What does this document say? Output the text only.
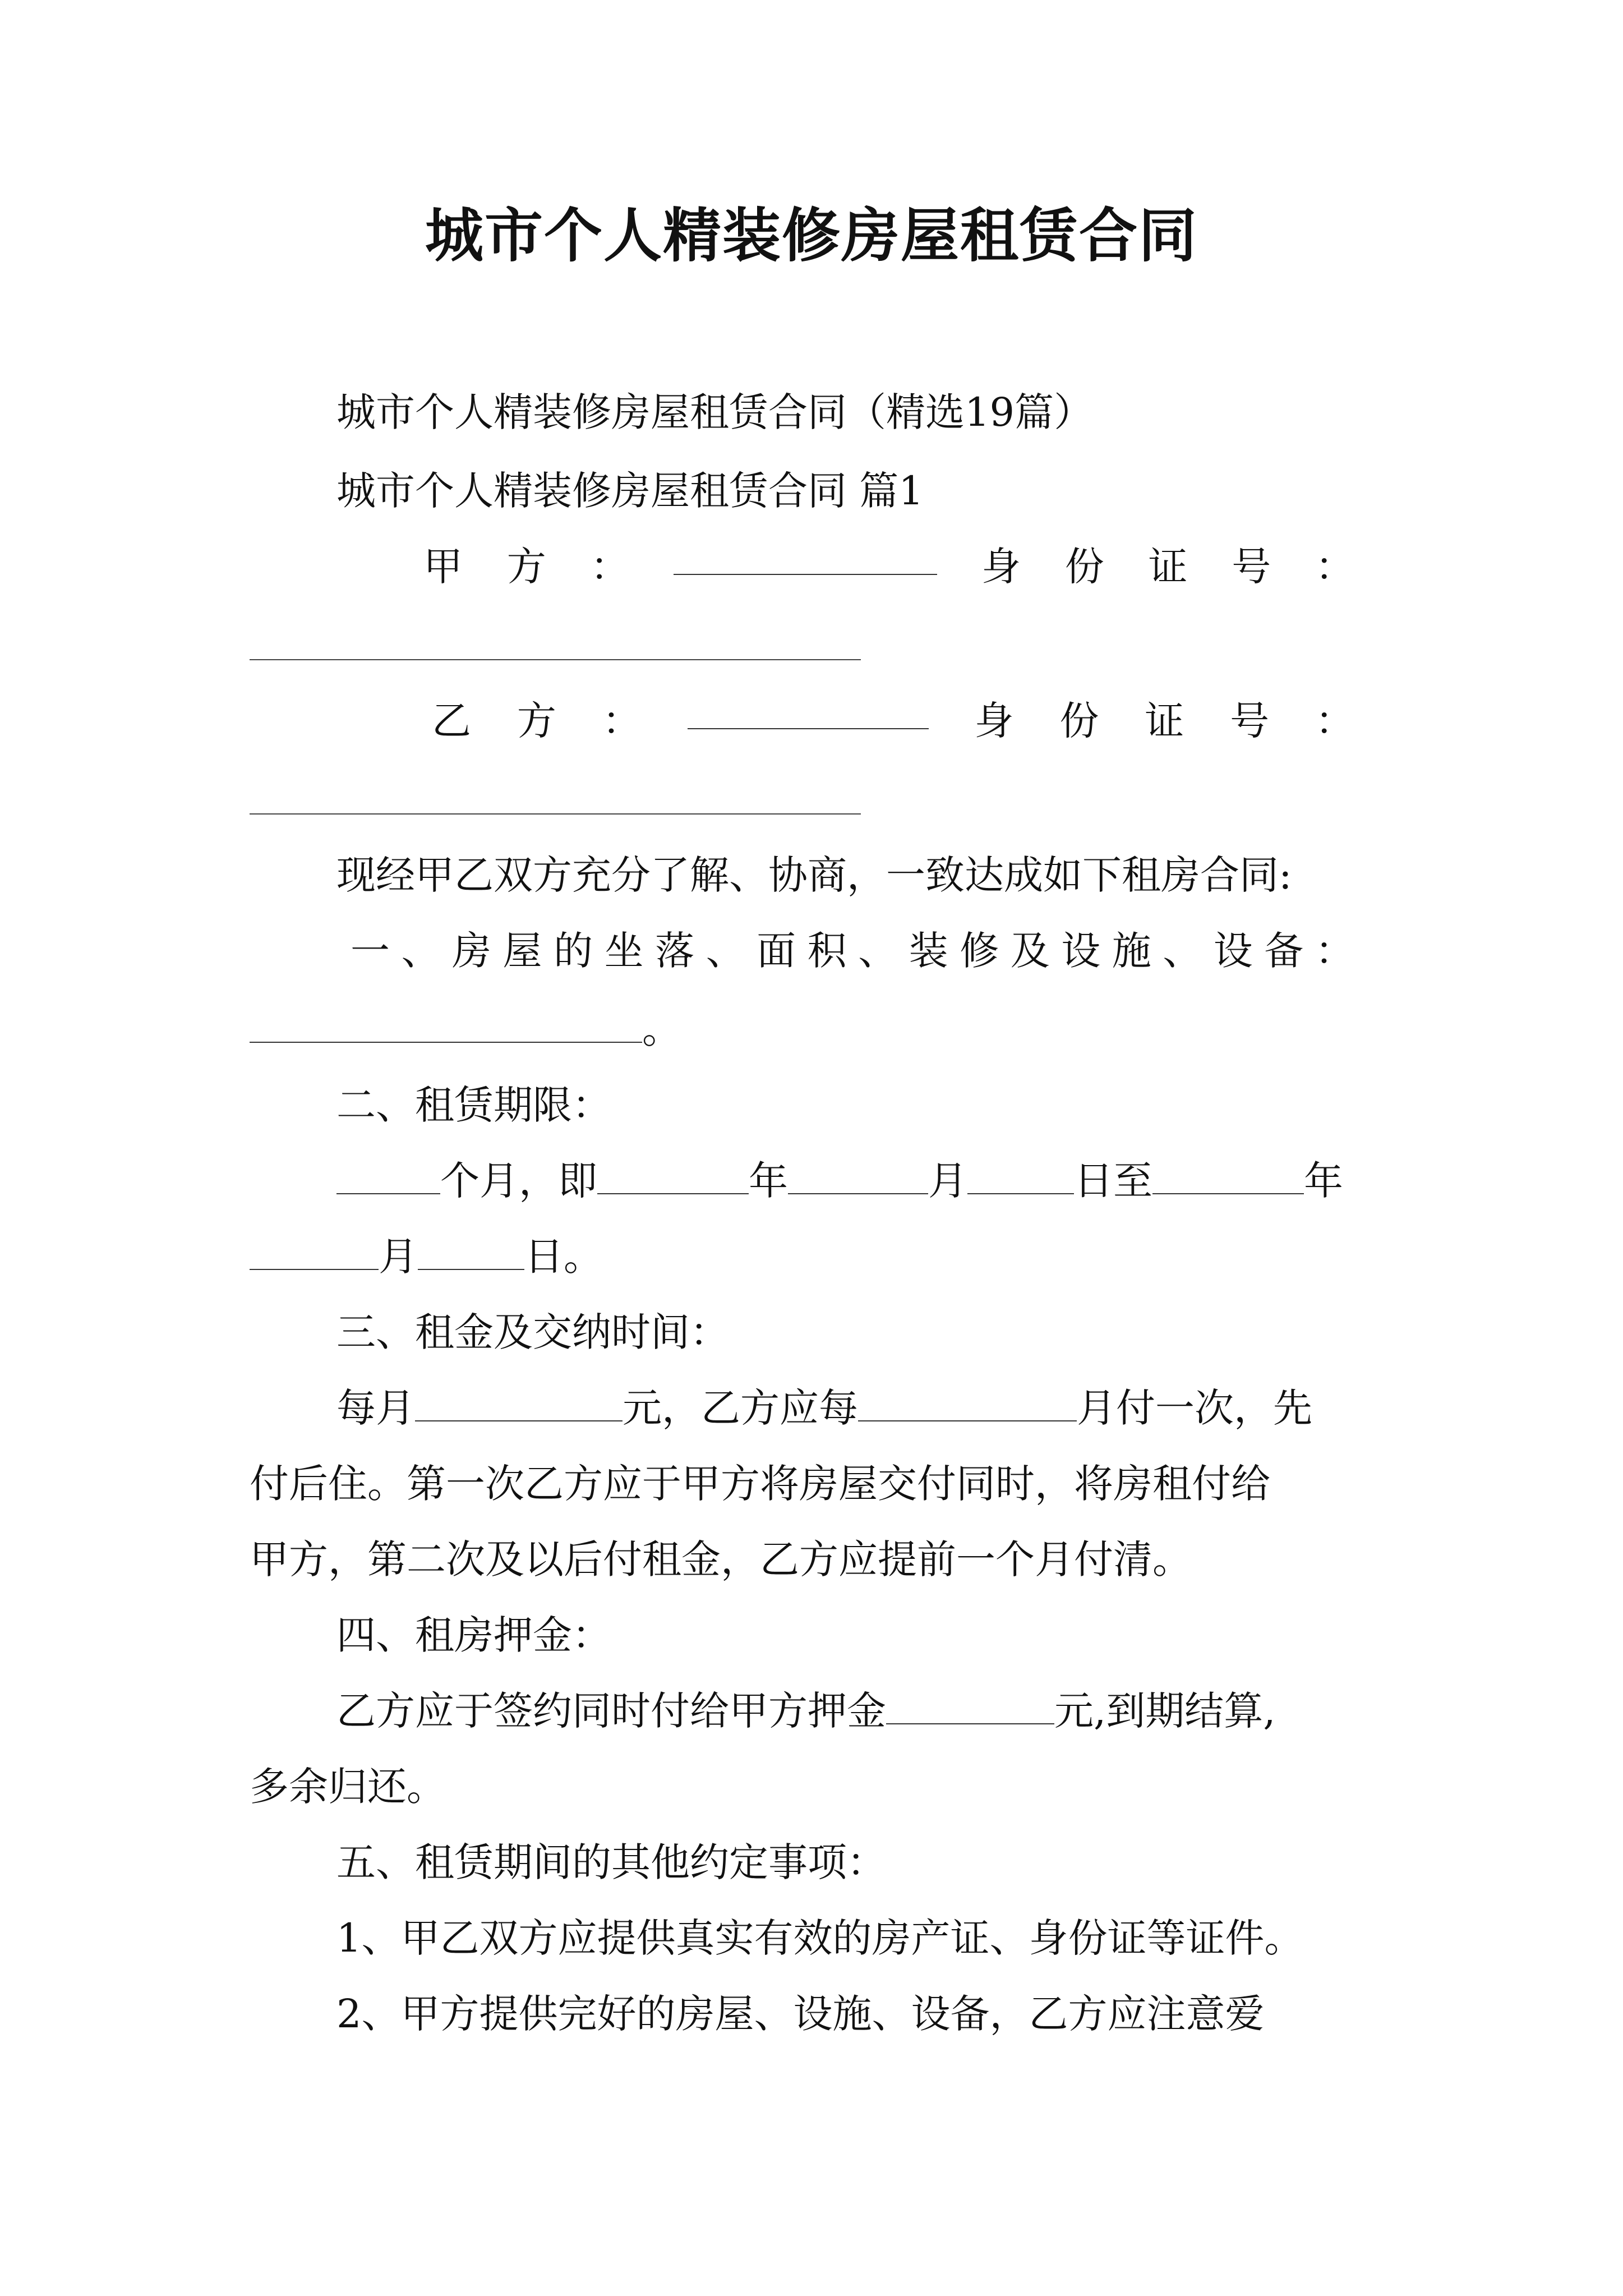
城市个人精装修房屋租赁合同
城市个人精装修房屋租赁合同（精选19篇）
城市个人精装修房屋租赁合同 篇1
甲 方 ：	身 份 证 号 ：
乙 方 ：	身 份 证 号 ：
现经甲乙双方充分了解、协商，一致达成如下租房合同:
一 、 房 屋 的 坐 落 、 面 积 、 装 修 及 设 施 、 设 备 ：
。
二、租赁期限：
个月，即	年	月	日至	年
月	日。
三、租金及交纳时间：
每月	元，乙方应每	月付一次，先
付后住。第一次乙方应于甲方将房屋交付同时，将房租付给
甲方，第二次及以后付租金，乙方应提前一个月付清。
四、租房押金：
乙方应于签约同时付给甲方押金	元,到期结算,
多余归还。
五、租赁期间的其他约定事项：
1、甲乙双方应提供真实有效的房产证、身份证等证件。
2、甲方提供完好的房屋、设施、设备，乙方应注意爱
